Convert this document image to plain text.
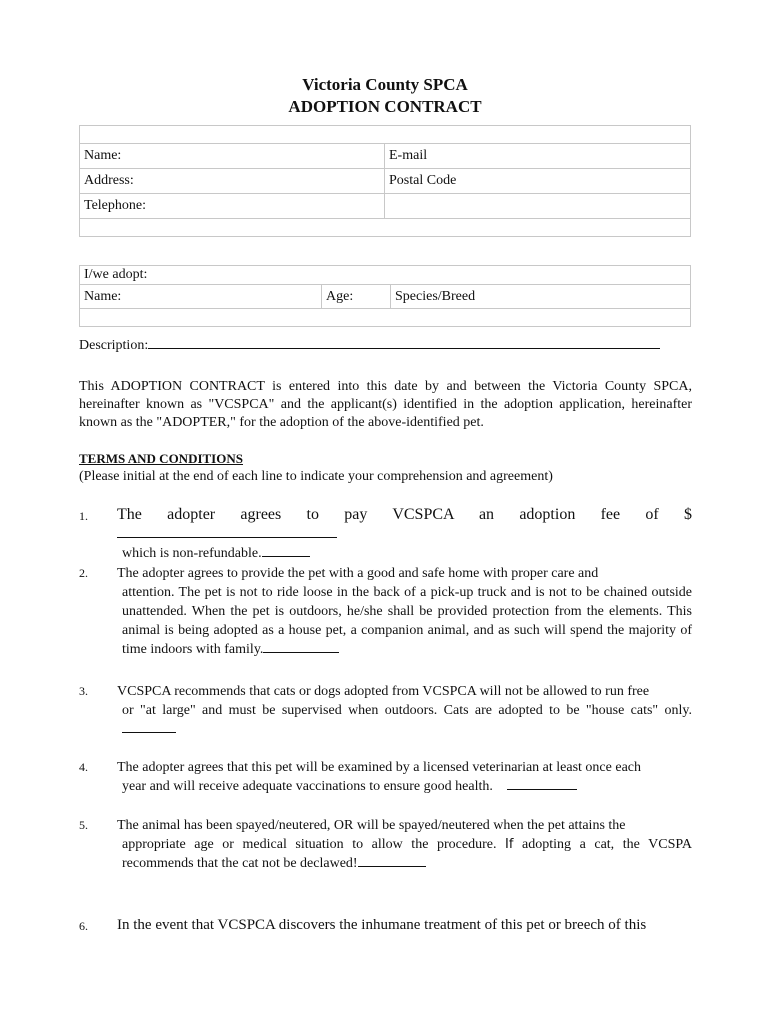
Victoria County SPCA
ADOPTION CONTRACT

Name:	E-mail
Address:	Postal Code
Telephone:	

I/we adopt:
Name:	Age:	Species/Breed

Description:
This ADOPTION CONTRACT is entered into this date by and between the Victoria County SPCA, hereinafter known as "VCSPCA" and the applicant(s) identified in the adoption application, hereinafter known as the "ADOPTER," for the adoption of the above-identified pet.
TERMS AND CONDITIONS
(Please initial at the end of each line to indicate your comprehension and agreement)
1. The adopter agrees to pay VCSPCA an adoption fee of $
which is non-refundable.
2. The adopter agrees to provide the pet with a good and safe home with proper care and
attention. The pet is not to ride loose in the back of a pick-up truck and is not to be chained outside unattended. When the pet is outdoors, he/she shall be provided protection from the elements. This animal is being adopted as a house pet, a companion animal, and as such will spend the majority of time indoors with family.
3. VCSPCA recommends that cats or dogs adopted from VCSPCA will not be allowed to run free
or "at large" and must be supervised when outdoors. Cats are adopted to be "house cats" only.
4. The adopter agrees that this pet will be examined by a licensed veterinarian at least once each
year and will receive adequate vaccinations to ensure good health.
5. The animal has been spayed/neutered, OR will be spayed/neutered when the pet attains the
appropriate age or medical situation to allow the procedure. If adopting a cat, the VCSPA recommends that the cat not be declawed!
6. In the event that VCSPCA discovers the inhumane treatment of this pet or breech of this
